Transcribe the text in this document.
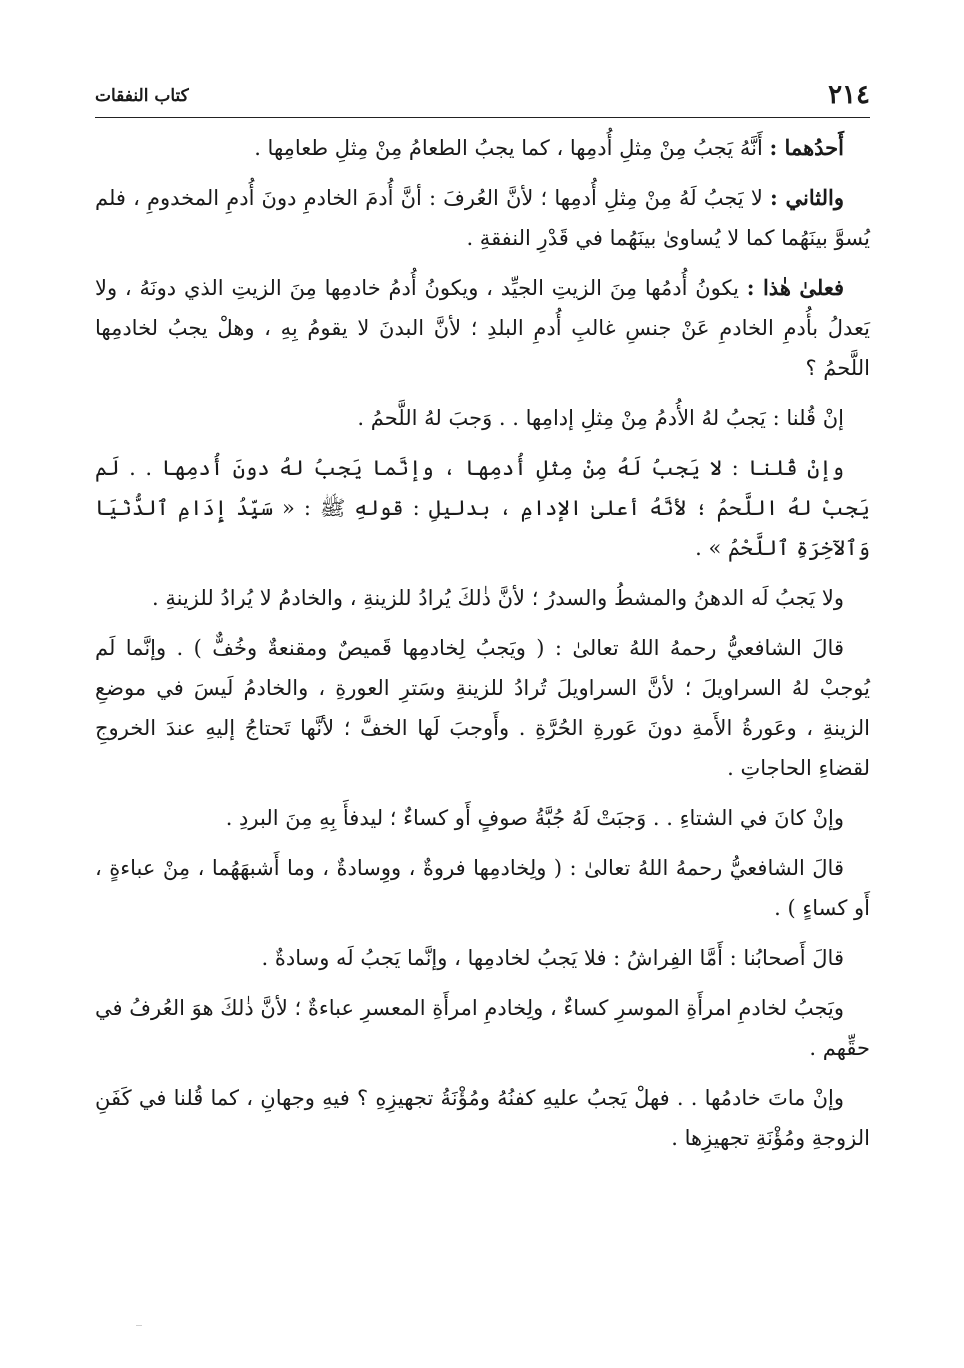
٢١٤
كتاب النفقات

أَحدُهما : أَنَّهُ يَجبُ مِنْ مِثلِ أُدمِها ، كما يجبُ الطعامُ مِنْ مِثلِ طعامِها .

والثاني : لا يَجبُ لَهُ مِنْ مِثلِ أُدمِها ؛ لأنَّ العُرفَ : أنَّ أُدمَ الخادمِ دونَ أُدمِ المخدومِ ، فلم يُسوَّ بينَهُما كما لا يُساوىٰ بينَهُما في قَدْرِ النفقةِ .

فعلىٰ هٰذا : يكونُ أُدمُها مِنَ الزيتِ الجيِّد ، ويكونُ أُدمُ خادمِها مِنَ الزيتِ الذي دونَهُ ، ولا يَعدلُ بأُدمِ الخادمِ عَنْ جنسِ غالبِ أُدمِ البلدِ ؛ لأنَّ البدنَ لا يقومُ بِهِ ، وهلْ يجبُ لخادمِها اللَّحمُ ؟

إنْ قُلنا : يَجبُ لهُ الأُدمُ مِنْ مِثلِ إدامِها . . وَجبَ لهُ اللَّحمُ .

وإنْ قُلنا : لا يَجبُ لَهُ مِنْ مِثلِ أُدمِها ، وإنَّما يَجبُ لهُ دونَ أُدمِها . . لَم يَجبْ لهُ اللَّحمُ ؛ لأنَّهُ أعلىٰ الإدامِ ، بدليلِ : قولهِ ﷺ : « سَيِّدُ إِدَامِ ٱلدُّنْيَا وَٱلآخِرَةِ ٱللَّحْمُ » .

ولا يَجبُ لَه الدهنُ والمشطُ والسدرُ ؛ لأنَّ ذٰلكَ يُرادُ للزينةِ ، والخادمُ لا يُرادُ للزينةِ .

قالَ الشافعيُّ رحمهُ اللهُ تعالىٰ : ( ويَجبُ لِخادمِها قَميصٌ ومقنعةٌ وخُفٌّ ) . وإنَّما لَم يُوجبْ لهُ السراويلَ ؛ لأنَّ السراويلَ تُرادُ للزينةِ وسَترِ العورةِ ، والخادمُ لَيسَ في موضعِ الزينةِ ، وعَورةُ الأَمةِ دونَ عَورةِ الحُرَّةِ . وأَوجبَ لَها الخفَّ ؛ لأنَّها تَحتاجُ إليهِ عندَ الخروجِ لقضاءِ الحاجاتِ .

وإنْ كانَ في الشتاءِ . . وَجبَتْ لَهُ جُبَّةُ صوفٍ أَو كساءٌ ؛ ليدفأَ بِهِ مِنَ البردِ .

قالَ الشافعيُّ رحمهُ اللهُ تعالىٰ : ( ولِخادمِها فروةٌ ، ووِسادةٌ ، وما أَشبهَهُما ، مِنْ عباءةٍ ، أَو كساءٍ ) .

قالَ أَصحابُنا : أَمَّا الفِراشُ : فلا يَجبُ لخادمِها ، وإنَّما يَجبُ لَه وسادةٌ .

ويَجبُ لخادمِ امرأَةِ الموسرِ كساءٌ ، ولِخادمِ امرأَةِ المعسرِ عباءةٌ ؛ لأنَّ ذٰلكَ هوَ العُرفُ في حقِّهم .

وإنْ ماتَ خادمُها . . فهلْ يَجبُ عليهِ كفنُهُ ومُؤْنَةُ تجهيزِهِ ؟ فيهِ وجهانِ ، كما قُلنا في كَفَنِ الزوجةِ ومُؤْنَةِ تجهيزِها .
